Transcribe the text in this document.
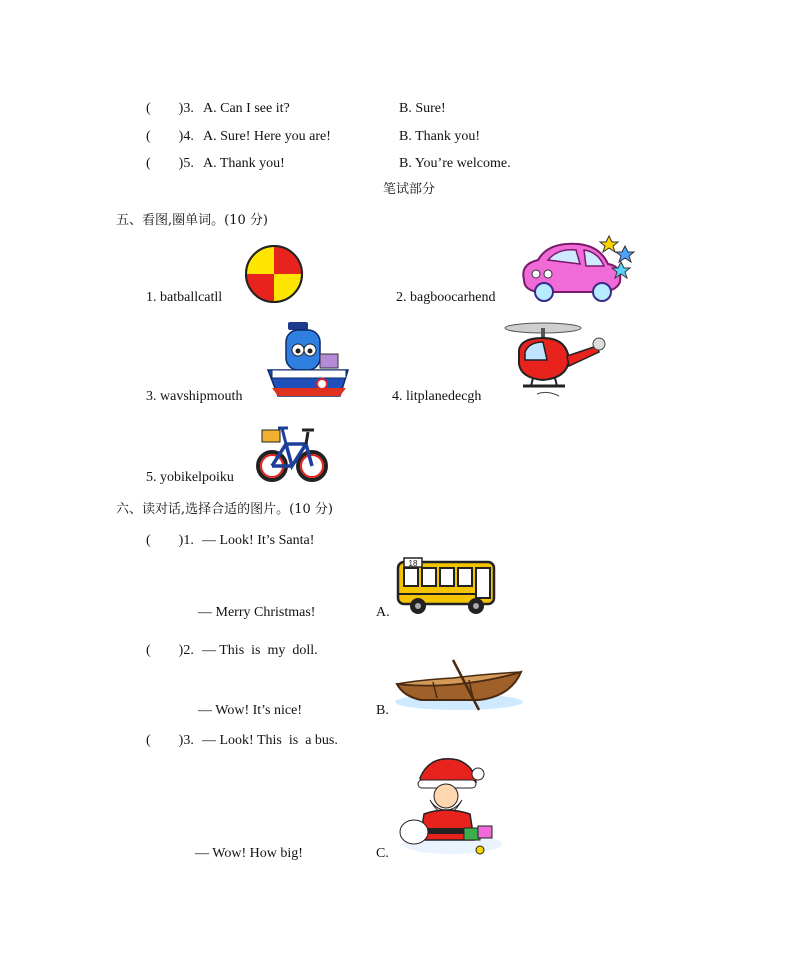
(        )3. A. Can I see it?	B. Sure!
(        )4. A. Sure! Here you are!	B. Thank you!
(        )5. A. Thank you!	B. You’re welcome.
笔试部分
五、看图,圈单词。(10 分)
1. batballcatll	2. bagboocarhend
3. wavshipmouth	4. litplanedecgh
5. yobikelpoiku
六、读对话,选择合适的图片。(10 分)
(        )1. — Look! It’s Santa!
— Merry Christmas!
(        )2. — This  is  my  doll.
— Wow! It’s nice!
(        )3. — Look! This  is  a bus.
— Wow! How big!
A.
18
B.
C.
